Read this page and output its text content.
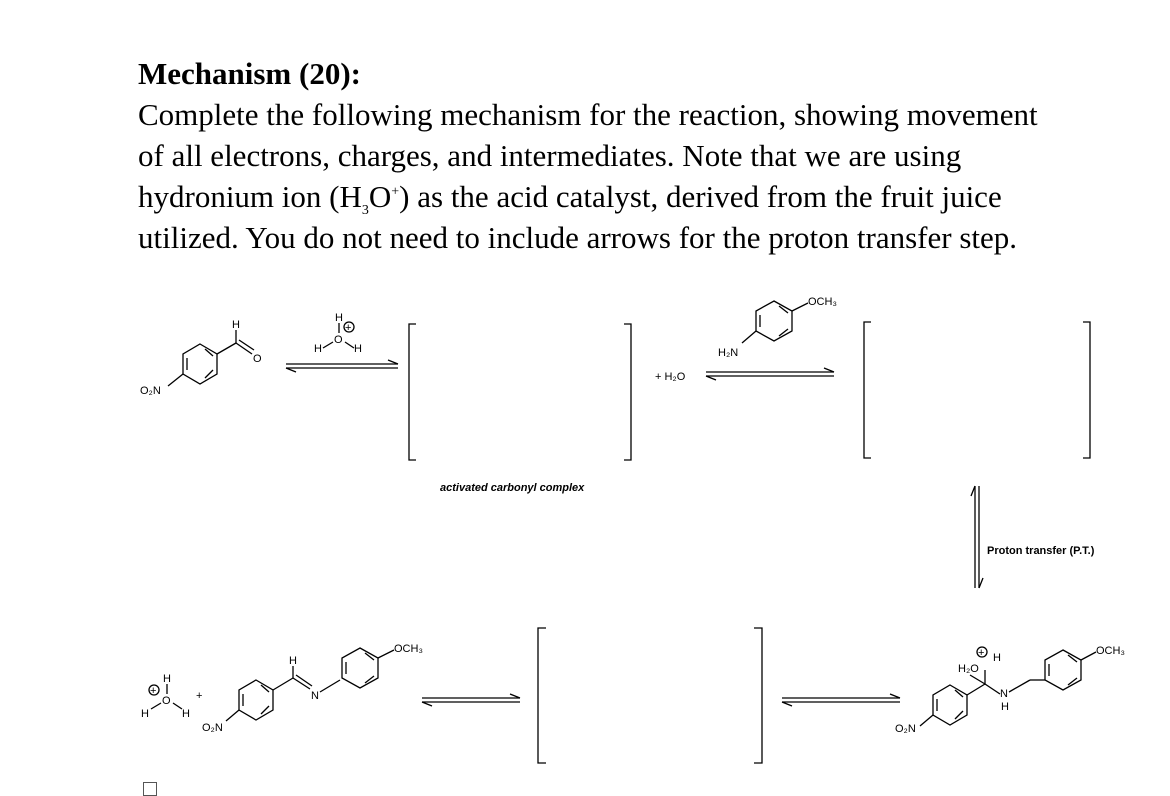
Mechanism (20):
Complete the following mechanism for the reaction, showing movement of all electrons, charges, and intermediates. Note that we are using hydronium ion $(H_3O^+)$ as the acid catalyst, derived from the fruit juice utilized. You do not need to include arrows for the proton transfer step.
O₂N
H
O
H
O
H	H
+
+ H₂O
H₂N
OCH₃
activated carbonyl complex
Proton transfer (P.T.)
O₂N
H₂O
+ H
N
H
OCH₃
O₂N
H
N
OCH₃
+
H
O
H	H
+
